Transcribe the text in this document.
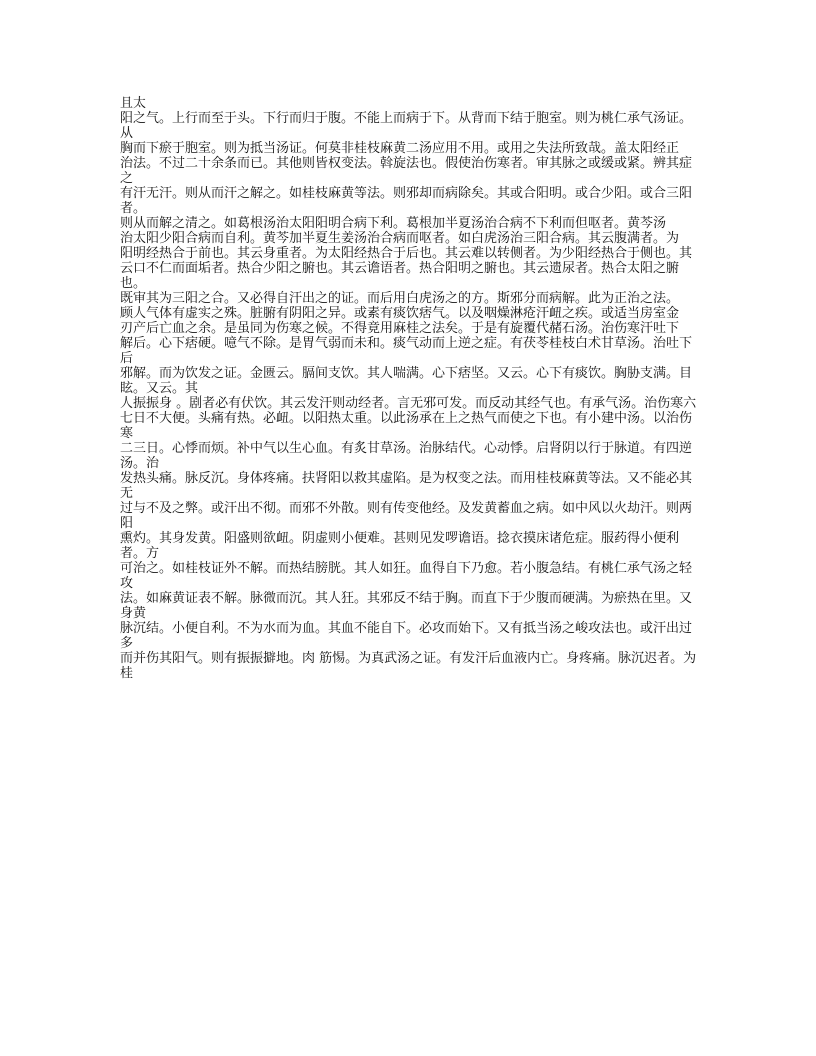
且太

阳之气。上行而至于头。下行而归于腹。不能上而病于下。从背而下结于胞室。则为桃仁承气汤证。从

胸而下瘀于胞室。则为抵当汤证。何莫非桂枝麻黄二汤应用不用。或用之失法所致哉。盖太阳经正

治法。不过二十余条而已。其他则皆权变法。斡旋法也。假使治伤寒者。审其脉之或缓或紧。辨其症之

有汗无汗。则从而汗之解之。如桂枝麻黄等法。则邪却而病除矣。其或合阳明。或合少阳。或合三阳者。

则从而解之清之。如葛根汤治太阳阳明合病下利。葛根加半夏汤治合病不下利而但呕者。黄芩汤

治太阳少阳合病而自利。黄芩加半夏生姜汤治合病而呕者。如白虎汤治三阳合病。其云腹满者。为

阳明经热合于前也。其云身重者。为太阳经热合于后也。其云难以转侧者。为少阳经热合于侧也。其

云口不仁而面垢者。热合少阳之腑也。其云谵语者。热合阳明之腑也。其云遗尿者。热合太阳之腑也。

既审其为三阳之合。又必得自汗出之的证。而后用白虎汤之的方。斯邪分而病解。此为正治之法。

顾人气体有虚实之殊。脏腑有阴阳之异。或素有痰饮痞气。以及咽燥淋疮汗衄之疾。或适当房室金

刃产后亡血之余。是虽同为伤寒之候。不得竟用麻桂之法矣。于是有旋覆代赭石汤。治伤寒汗吐下

解后。心下痞硬。噫气不除。是胃气弱而未和。痰气动而上逆之症。有茯苓桂枝白术甘草汤。治吐下后

邪解。而为饮发之证。金匮云。膈间支饮。其人喘满。心下痞坚。又云。心下有痰饮。胸胁支满。目眩。又云。其

人振振身 。剧者必有伏饮。其云发汗则动经者。言无邪可发。而反动其经气也。有承气汤。治伤寒六

七日不大便。头痛有热。必衄。以阳热太重。以此汤承在上之热气而使之下也。有小建中汤。以治伤寒

二三日。心悸而烦。补中气以生心血。有炙甘草汤。治脉结代。心动悸。启肾阴以行于脉道。有四逆汤。治

发热头痛。脉反沉。身体疼痛。扶肾阳以救其虚陷。是为权变之法。而用桂枝麻黄等法。又不能必其无

过与不及之弊。或汗出不彻。而邪不外散。则有传变他经。及发黄蓄血之病。如中风以火劫汗。则两阳

熏灼。其身发黄。阳盛则欲衄。阴虚则小便难。甚则见发啰谵语。捻衣摸床诸危症。服药得小便利者。方

可治之。如桂枝证外不解。而热结膀胱。其人如狂。血得自下乃愈。若小腹急结。有桃仁承气汤之轻攻

法。如麻黄证表不解。脉微而沉。其人狂。其邪反不结于胸。而直下于少腹而硬满。为瘀热在里。又身黄

脉沉结。小便自利。不为水而为血。其血不能自下。必攻而始下。又有抵当汤之峻攻法也。或汗出过多

而并伤其阳气。则有振振擗地。肉 筋惕。为真武汤之证。有发汗后血液内亡。身疼痛。脉沉迟者。为桂
